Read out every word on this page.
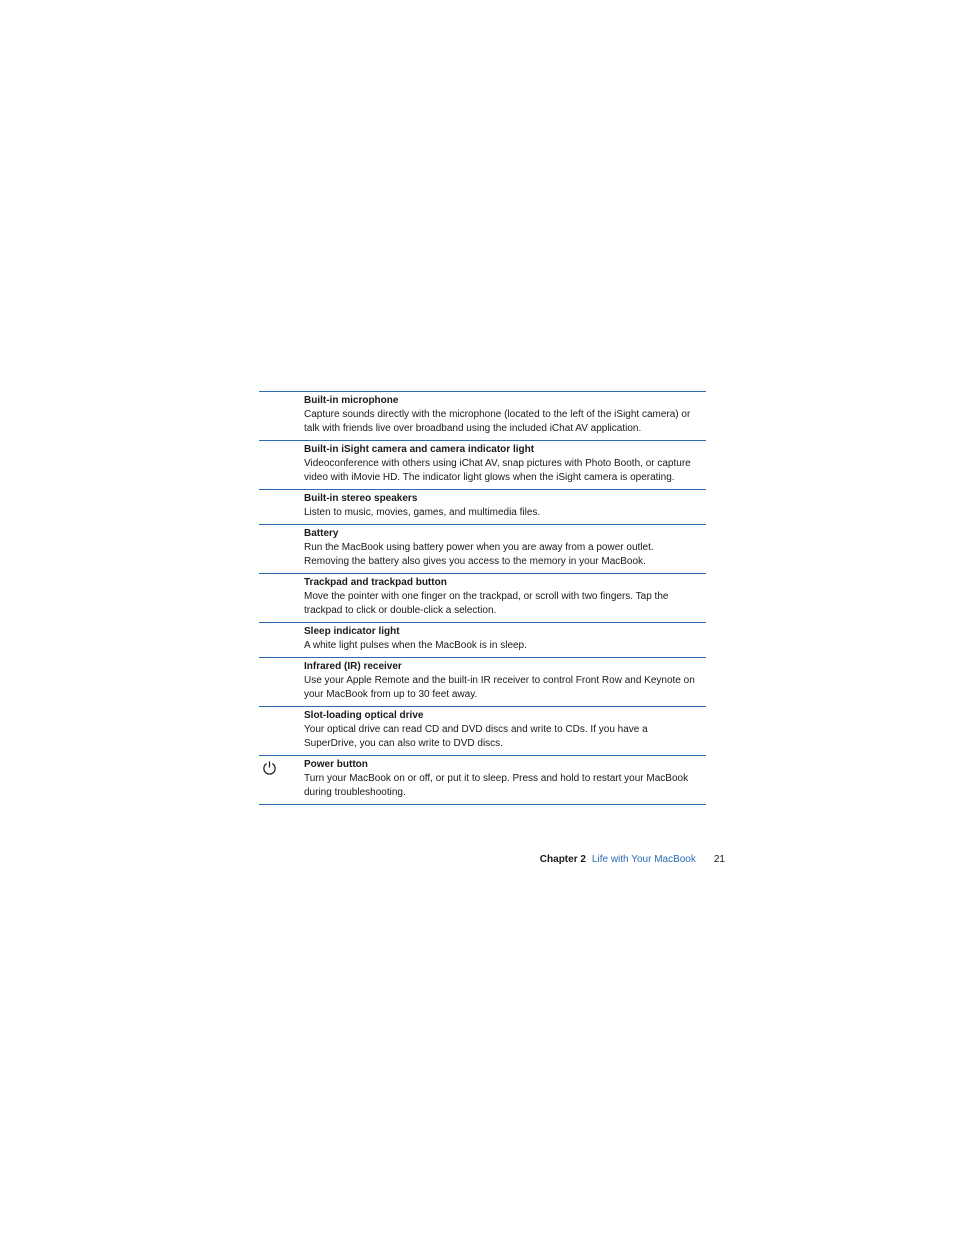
Built-in microphone
Capture sounds directly with the microphone (located to the left of the iSight camera) or talk with friends live over broadband using the included iChat AV application.
Built-in iSight camera and camera indicator light
Videoconference with others using iChat AV, snap pictures with Photo Booth, or capture video with iMovie HD. The indicator light glows when the iSight camera is operating.
Built-in stereo speakers
Listen to music, movies, games, and multimedia files.
Battery
Run the MacBook using battery power when you are away from a power outlet. Removing the battery also gives you access to the memory in your MacBook.
Trackpad and trackpad button
Move the pointer with one finger on the trackpad, or scroll with two fingers. Tap the trackpad to click or double-click a selection.
Sleep indicator light
A white light pulses when the MacBook is in sleep.
Infrared (IR) receiver
Use your Apple Remote and the built-in IR receiver to control Front Row and Keynote on your MacBook from up to 30 feet away.
Slot-loading optical drive
Your optical drive can read CD and DVD discs and write to CDs. If you have a SuperDrive, you can also write to DVD discs.
Power button
Turn your MacBook on or off, or put it to sleep. Press and hold to restart your MacBook during troubleshooting.
Chapter 2 Life with Your MacBook 21
